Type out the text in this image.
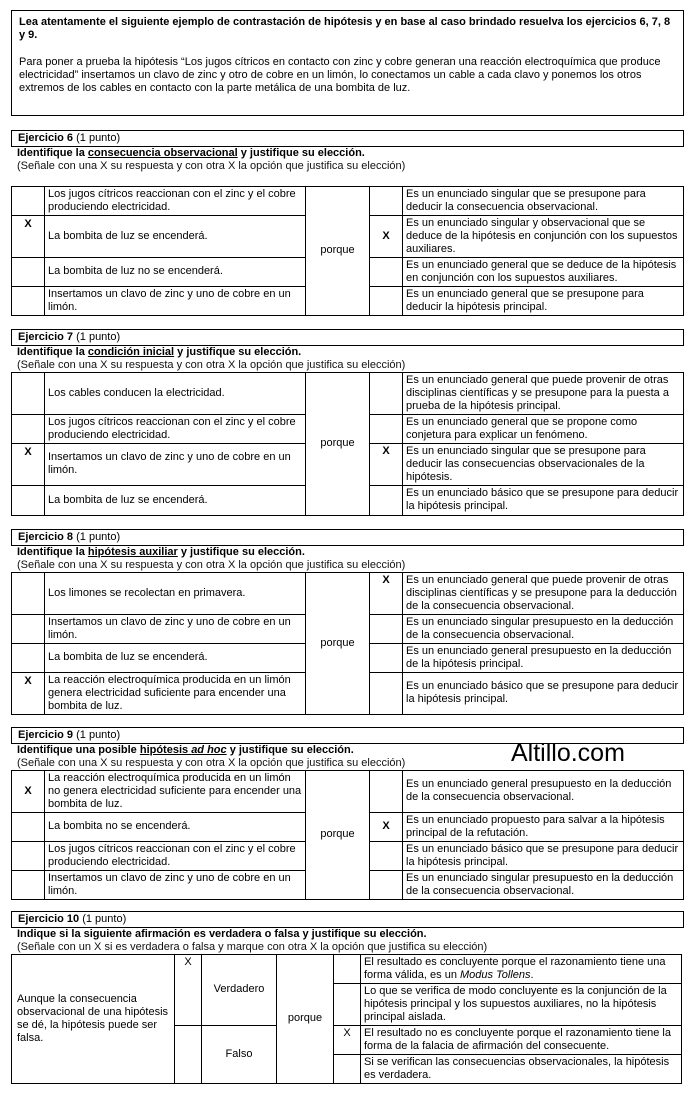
Lea atentamente el siguiente ejemplo de contrastación de hipótesis y en base al caso brindado resuelva los ejercicios 6, 7, 8 y 9.
Para poner a prueba la hipótesis “Los jugos cítricos en contacto con zinc y cobre generan una reacción electroquímica que produce electricidad” insertamos un clavo de zinc y otro de cobre en un limón, lo conectamos un cable a cada clavo y ponemos los otros extremos de los cables en contacto con la parte metálica de una bombita de luz.
Ejercicio 6 (1 punto)
Identifique la consecuencia observacional y justifique su elección.
(Señale con una X su respuesta y con otra X la opción que justifica su elección)
	Los jugos cítricos reaccionan con el zinc y el cobre produciendo electricidad.	porque		Es un enunciado singular que se presupone para deducir la consecuencia observacional.
X	La bombita de luz se encenderá.		X	Es un enunciado singular y observacional que se deduce de la hipótesis en conjunción con los supuestos auxiliares.
	La bombita de luz no se encenderá.			Es un enunciado general que se deduce de la hipótesis en conjunción con los supuestos auxiliares.
	Insertamos un clavo de zinc y uno de cobre en un limón.			Es un enunciado general que se presupone para deducir la hipótesis principal.
Ejercicio 7 (1 punto)
Identifique la condición inicial y justifique su elección.
(Señale con una X su respuesta y con otra X la opción que justifica su elección)
	Los cables conducen la electricidad.	porque		Es un enunciado general que puede provenir de otras disciplinas científicas y se presupone para la puesta a prueba de la hipótesis principal.
	Los jugos cítricos reaccionan con el zinc y el cobre produciendo electricidad.			Es un enunciado general que se propone como conjetura para explicar un fenómeno.
X	Insertamos un clavo de zinc y uno de cobre en un limón.		X	Es un enunciado singular que se presupone para deducir las consecuencias observacionales de la hipótesis.
	La bombita de luz se encenderá.			Es un enunciado básico que se presupone para deducir la hipótesis principal.
Ejercicio 8 (1 punto)
Identifique la hipótesis auxiliar y justifique su elección.
(Señale con una X su respuesta y con otra X la opción que justifica su elección)
	Los limones se recolectan en primavera.	porque	X	Es un enunciado general que puede provenir de otras disciplinas científicas y se presupone para la deducción de la consecuencia observacional.
	Insertamos un clavo de zinc y uno de cobre en un limón.			Es un enunciado singular presupuesto en la deducción de la consecuencia observacional.
	La bombita de luz se encenderá.			Es un enunciado general presupuesto en la deducción de la hipótesis principal.
X	La reacción electroquímica producida en un limón genera electricidad suficiente para encender una bombita de luz.			Es un enunciado básico que se presupone para deducir la hipótesis principal.
Altillo.com
Ejercicio 9 (1 punto)
Identifique una posible hipótesis ad hoc y justifique su elección.
(Señale con una X su respuesta y con otra X la opción que justifica su elección)
X	La reacción electroquímica producida en un limón no genera electricidad suficiente para encender una bombita de luz.	porque		Es un enunciado general presupuesto en la deducción de la consecuencia observacional.
	La bombita no se encenderá.		X	Es un enunciado propuesto para salvar a la hipótesis principal de la refutación.
	Los jugos cítricos reaccionan con el zinc y el cobre produciendo electricidad.			Es un enunciado básico que se presupone para deducir la hipótesis principal.
	Insertamos un clavo de zinc y uno de cobre en un limón.			Es un enunciado singular presupuesto en la deducción de la consecuencia observacional.
Ejercicio 10 (1 punto)
Indique si la siguiente afirmación es verdadera o falsa y justifique su elección.
(Señale con un X si es verdadera o falsa y marque con otra X la opción que justifica su elección)
Aunque la consecuencia observacional de una hipótesis se dé, la hipótesis puede ser falsa.	X	Verdadero	porque		El resultado es concluyente porque el razonamiento tiene una forma válida, es un Modus Tollens.
					Lo que se verifica de modo concluyente es la conjunción de la hipótesis principal y los supuestos auxiliares, no la hipótesis principal aislada.
		Falso		X	El resultado no es concluyente porque el razonamiento tiene la forma de la falacia de afirmación del consecuente.
					Si se verifican las consecuencias observacionales, la hipótesis es verdadera.
